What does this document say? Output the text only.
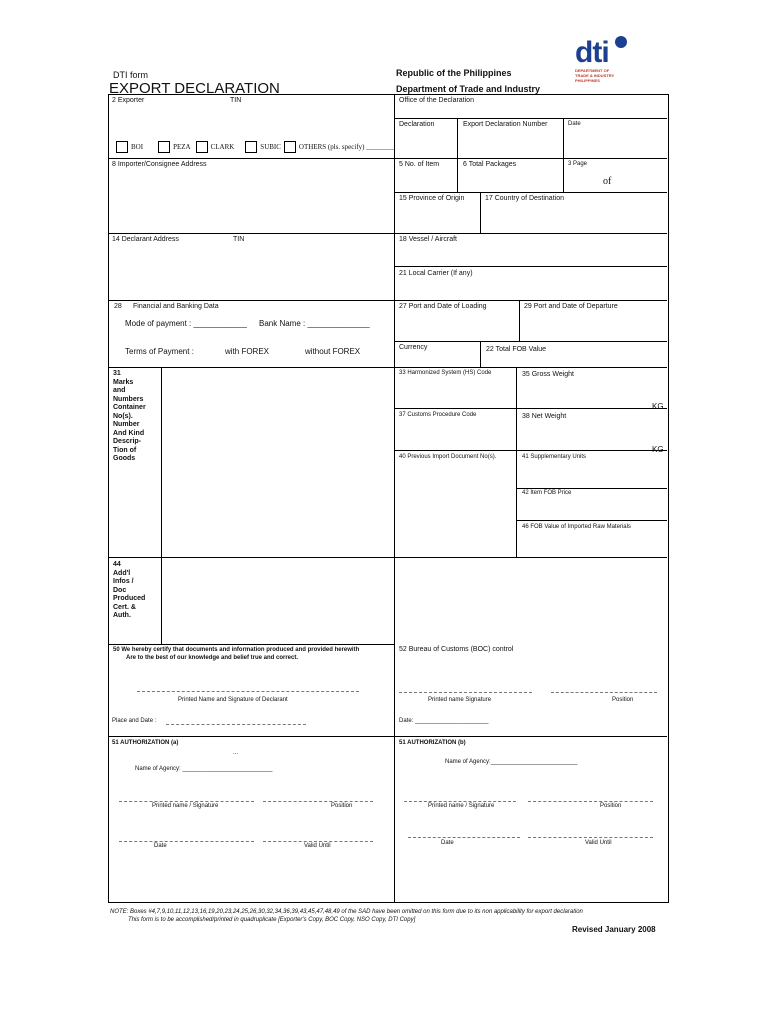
DTI form
EXPORT DECLARATION
Republic of the Philippines
Department of Trade and Industry
dti
DEPARTMENT OF
TRADE & INDUSTRY
PHILIPPINES
2 Exporter	TIN
BOI	PEZA	CLARK	SUBIC	OTHERS (pls. specify) ________
8 Importer/Consignee Address
14 Declarant Address	TIN
28 Financial and Banking Data
Mode of payment : ____________ Bank Name : ______________
Terms of Payment :	with FOREX	without FOREX
31
Marks
and
Numbers
Container
No(s).
Number
And Kind
Descrip-
Tion of
Goods
44
Add'l
Infos /
Doc
Produced
Cert. &
Auth.
50 We hereby certify that documents and information produced and provided herewith
Are to the best of our knowledge and belief true and correct.
Printed Name and Signature of Declarant
Place and Date :
51 AUTHORIZATION (a)
...
Name of Agency: ___________________________
Printed name / Signature	Position
Date	Valid Until
Office of the Declaration
Declaration	Export Declaration Number	Date
5 No. of Item	6 Total Packages	3 Page
of
15 Province of Origin	17 Country of Destination
18 Vessel / Aircraft
21 Local Carrier (If any)
27 Port and Date of Loading	29 Port and Date of Departure
Currency	22 Total FOB Value
33 Harmonized System (HS) Code	35 Gross Weight
KG
37 Customs Procedure Code	38 Net Weight
KG
40 Previous Import Document No(s).	41 Supplementary Units
42 Item FOB Price
46 FOB Value of Imported Raw Materials
52 Bureau of Customs (BOC) control
Printed name Signature	Position
Date: ______________________
51 AUTHORIZATION (b)
Name of Agency:__________________________
Printed name / Signature	Position
Date	Valid Until
NOTE: Boxes #4,7,9,10,11,12,13,16,19,20,23,24,25,26,30,32,34,36,39,43,45,47,48,49 of the SAD have been omitted on this form due to its non applicability for export declaration
This form is to be accomplished/printed in quadruplicate [Exporter's Copy, BOC Copy, NSO Copy, DTI Copy]
Revised January 2008
